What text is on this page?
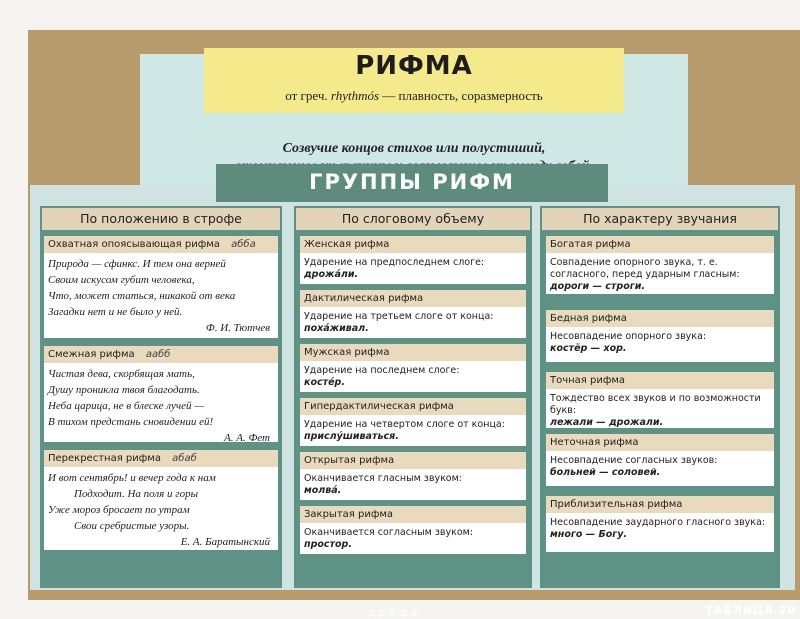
РИФМА
от греч. rhythmós — плавность, соразмерность
Созвучие концов стихов или полустиший,
ГРУППЫ РИФМ
По положению в строфе
Охватная опоясывающая рифма абба
Природа — сфинкс. И тем она верней
Своим искусом губит человека,
Что, может статься, никакой от века
Загадки нет и не было у ней.
Ф. И. Тютчев
Смежная рифма аабб
Чистая дева, скорбящая мать,
Душу проникла твоя благодать.
Неба царица, не в блеске лучей —
В тихом предстань сновидении ей!
А. А. Фет
Перекрестная рифма абаб
И вот сентябрь! и вечер года к нам
Подходит. На поля и горы
Уже мороз бросает по утрам
Свои сребристые узоры.
Е. А. Баратынский
По слоговому объему
Женская рифма
Ударение на предпоследнем слоге:
дрожáли.
Дактилическая рифма
Ударение на третьем слоге от конца:
похáживал.
Мужская рифма
Ударение на последнем слоге:
костéр.
Гипердактилическая рифма
Ударение на четвертом слоге от конца:
прислýшиваться.
Открытая рифма
Оканчивается гласным звуком:
молвá.
Закрытая рифма
Оканчивается согласным звуком:
простор.
По характеру звучания
Богатая рифма
Совпадение опорного звука, т. е. согласного, перед ударным гласным:
дороги — строги.
Бедная рифма
Несовпадение опорного звука:
костёр — хор.
Точная рифма
Тождество всех звуков и по возможности букв:
лежали — дрожали.
Неточная рифма
Несовпадение согласных звуков:
больней — соловей.
Приблизительная рифма
Несовпадение заударного гласного звука:
много — Богу.
дрофа	ТАБЛИЦА 20
